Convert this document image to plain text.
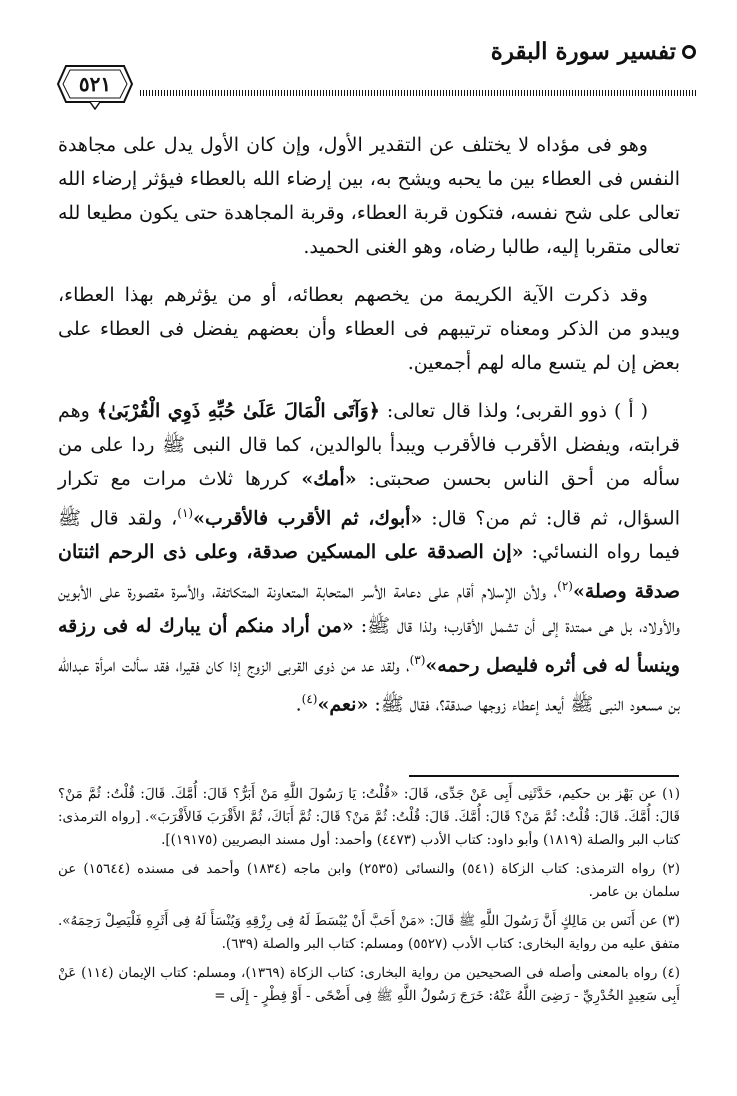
تفسير سورة البقرة
٥٢١

وهو فى مؤداه لا يختلف عن التقدير الأول، وإن كان الأول يدل على مجاهدة النفس فى العطاء بين ما يحبه ويشح به، بين إرضاء الله بالعطاء فيؤثر إرضاء الله تعالى على شح نفسه، فتكون قربة العطاء، وقربة المجاهدة حتى يكون مطيعا لله تعالى متقربا إليه، طالبا رضاه، وهو الغنى الحميد.

وقد ذكرت الآية الكريمة من يخصهم بعطائه، أو من يؤثرهم بهذا العطاء، ويبدو من الذكر ومعناه ترتيبهم فى العطاء وأن بعضهم يفضل فى العطاء على بعض إن لم يتسع ماله لهم أجمعين.

( أ ) ذوو القربى؛ ولذا قال تعالى: ﴿وَآتَى الْمَالَ عَلَىٰ حُبِّهِ ذَوِي الْقُرْبَىٰ﴾ وهم قرابته، ويفضل الأقرب فالأقرب ويبدأ بالوالدين، كما قال النبى ﷺ ردا على من سأله من أحق الناس بحسن صحبتى: «أمك» كررها ثلاث مرات مع تكرار السؤال، ثم قال: ثم من؟ قال: «أبوك، ثم الأقرب فالأقرب»$^{(١)}$، ولقد قال ﷺ فيما رواه النسائي: «إن الصدقة على المسكين صدقة، وعلى ذى الرحم اثنتان صدقة وصلة»$^{(٢)}$، ولأن الإسلام أقام على دعامة الأسر المتحابة المتعاونة المتكاتفة، والأسرة مقصورة على الأبوين والأولاد، بل هى ممتدة إلى أن تشمل الأقارب؛ ولذا قال ﷺ: «من أراد منكم أن يبارك له فى رزقه وينسأ له فى أثره فليصل رحمه»$^{(٣)}$، ولقد عد من ذوى القربى الزوج إذا كان فقيرا، فقد سألت امرأة عبدالله بن مسعود النبى ﷺ أيعد إعطاء زوجها صدقة؟، فقال ﷺ: «نعم»$^{(٤)}$.

(١) عن بَهْز بن حكيم، حَدَّثَنِى أَبِى عَنْ جَدِّى، قَالَ: «قُلْتُ: يَا رَسُولَ اللَّهِ مَنْ أَبَرُّ؟ قَالَ: أُمَّكَ. قَالَ: قُلْتُ: ثُمَّ مَنْ؟ قَالَ: أُمَّكَ. قَالَ: قُلْتُ: ثُمَّ مَنْ؟ قَالَ: أُمَّكَ. قَالَ: قُلْتُ: ثُمَّ مَنْ؟ قَالَ: ثُمَّ أَبَاكَ، ثُمَّ الأَقْرَبَ فَالأَقْرَبَ». [رواه الترمذى: كتاب البر والصلة (١٨١٩) وأبو داود: كتاب الأدب (٤٤٧٣) وأحمد: أول مسند البصريين (١٩١٧٥)].

(٢) رواه الترمذى: كتاب الزكاة (٥٤١) والنسائى (٢٥٣٥) وابن ماجه (١٨٣٤) وأحمد فى مسنده (١٥٦٤٤) عن سلمان بن عامر.

(٣) عن أَنَس بن مَالِكٍ أَنَّ رَسُولَ اللَّهِ ﷺ قَالَ: «مَنْ أَحَبَّ أَنْ يُبْسَطَ لَهُ فِى رِزْقِهِ وَيُنْسَأَ لَهُ فِى أَثَرِهِ فَلْيَصِلْ رَحِمَهُ». متفق عليه من رواية البخارى: كتاب الأدب (٥٥٢٧) ومسلم: كتاب البر والصلة (٦٣٩).

(٤) رواه بالمعنى وأصله فى الصحيحين من رواية البخارى: كتاب الزكاة (١٣٦٩)، ومسلم: كتاب الإيمان (١١٤) عَنْ أَبِى سَعِيدٍ الخُدْرِيِّ - رَضِىَ اللَّهُ عَنْهُ: خَرَجَ رَسُولُ اللَّهِ ﷺ فِى أَضْحًى - أَوْ فِطْرٍ - إِلَى =
